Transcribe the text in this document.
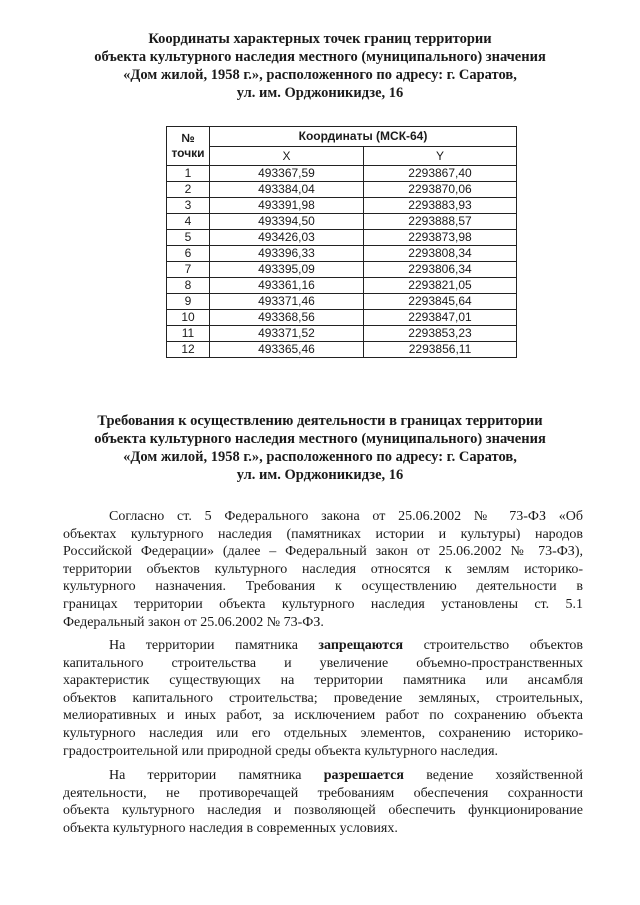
Координаты характерных точек границ территории
объекта культурного наследия местного (муниципального) значения
«Дом жилой, 1958 г.», расположенного по адресу: г. Саратов,
ул. им. Орджоникидзе, 16
№
точки	Координаты (МСК-64)	
	X	Y
1	493367,59	2293867,40
2	493384,04	2293870,06
3	493391,98	2293883,93
4	493394,50	2293888,57
5	493426,03	2293873,98
6	493396,33	2293808,34
7	493395,09	2293806,34
8	493361,16	2293821,05
9	493371,46	2293845,64
10	493368,56	2293847,01
11	493371,52	2293853,23
12	493365,46	2293856,11
Требования к осуществлению деятельности в границах территории
объекта культурного наследия местного (муниципального) значения
«Дом жилой, 1958 г.», расположенного по адресу: г. Саратов,
ул. им. Орджоникидзе, 16
Согласно ст. 5 Федерального закона от 25.06.2002 № 73-ФЗ «Об
объектах культурного наследия (памятниках истории и культуры) народов
Российской Федерации» (далее – Федеральный закон от 25.06.2002 № 73-ФЗ),
территории объектов культурного наследия относятся к землям историко-
культурного назначения. Требования к осуществлению деятельности в
границах территории объекта культурного наследия установлены ст. 5.1
Федеральный закон от 25.06.2002 № 73-ФЗ.
На территории памятника запрещаются строительство объектов
капитального строительства и увеличение объемно-пространственных
характеристик существующих на территории памятника или ансамбля
объектов капитального строительства; проведение земляных, строительных,
мелиоративных и иных работ, за исключением работ по сохранению объекта
культурного наследия или его отдельных элементов, сохранению историко-
градостроительной или природной среды объекта культурного наследия.
На территории памятника разрешается ведение хозяйственной
деятельности, не противоречащей требованиям обеспечения сохранности
объекта культурного наследия и позволяющей обеспечить функционирование
объекта культурного наследия в современных условиях.
